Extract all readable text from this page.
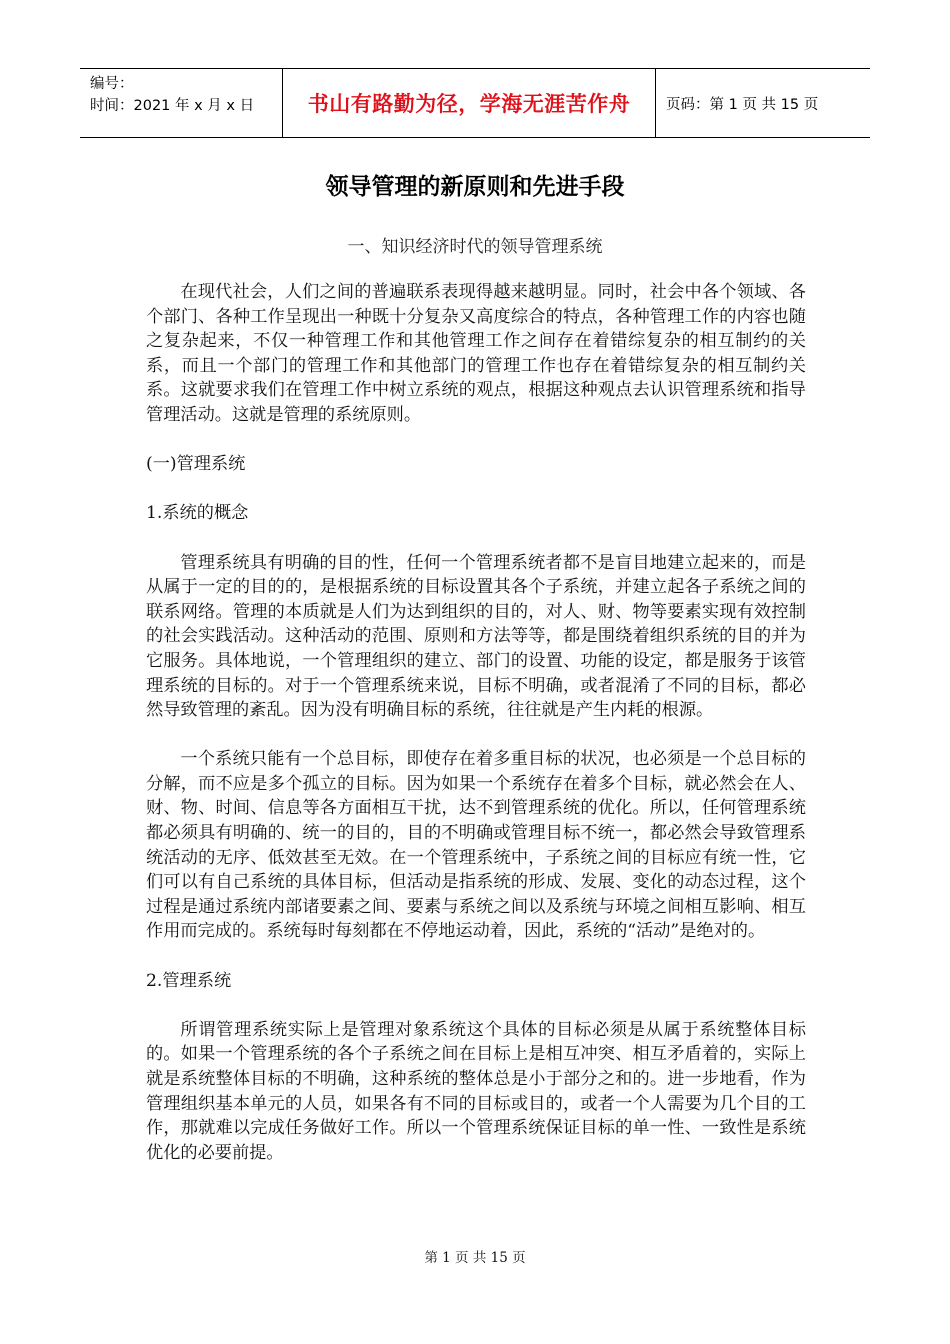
编号：
时间：2021 年 x 月 x 日	书山有路勤为径，学海无涯苦作舟 页码：第 1 页 共 15 页
领导管理的新原则和先进手段
一、知识经济时代的领导管理系统

在现代社会，人们之间的普遍联系表现得越来越明显。同时，社会中各个领域、各个部门、各种工作呈现出一种既十分复杂又高度综合的特点，各种管理工作的内容也随之复杂起来，不仅一种管理工作和其他管理工作之间存在着错综复杂的相互制约的关系，而且一个部门的管理工作和其他部门的管理工作也存在着错综复杂的相互制约关系。这就要求我们在管理工作中树立系统的观点，根据这种观点去认识管理系统和指导管理活动。这就是管理的系统原则。

(一)管理系统

1.系统的概念

管理系统具有明确的目的性，任何一个管理系统者都不是盲目地建立起来的，而是从属于一定的目的的，是根据系统的目标设置其各个子系统，并建立起各子系统之间的联系网络。管理的本质就是人们为达到组织的目的，对人、财、物等要素实现有效控制的社会实践活动。这种活动的范围、原则和方法等等，都是围绕着组织系统的目的并为它服务。具体地说，一个管理组织的建立、部门的设置、功能的设定，都是服务于该管理系统的目标的。对于一个管理系统来说，目标不明确，或者混淆了不同的目标，都必然导致管理的紊乱。因为没有明确目标的系统，往往就是产生内耗的根源。

一个系统只能有一个总目标，即使存在着多重目标的状况，也必须是一个总目标的分解，而不应是多个孤立的目标。因为如果一个系统存在着多个目标，就必然会在人、财、物、时间、信息等各方面相互干扰，达不到管理系统的优化。所以，任何管理系统都必须具有明确的、统一的目的，目的不明确或管理目标不统一，都必然会导致管理系统活动的无序、低效甚至无效。在一个管理系统中，子系统之间的目标应有统一性，它们可以有自己系统的具体目标，但活动是指系统的形成、发展、变化的动态过程，这个过程是通过系统内部诸要素之间、要素与系统之间以及系统与环境之间相互影响、相互作用而完成的。系统每时每刻都在不停地运动着，因此，系统的“活动”是绝对的。

2.管理系统

所谓管理系统实际上是管理对象系统这个具体的目标必须是从属于系统整体目标的。如果一个管理系统的各个子系统之间在目标上是相互冲突、相互矛盾着的，实际上就是系统整体目标的不明确，这种系统的整体总是小于部分之和的。进一步地看，作为管理组织基本单元的人员，如果各有不同的目标或目的，或者一个人需要为几个目的工作，那就难以完成任务做好工作。所以一个管理系统保证目标的单一性、一致性是系统优化的必要前提。

第 1 页 共 15 页
